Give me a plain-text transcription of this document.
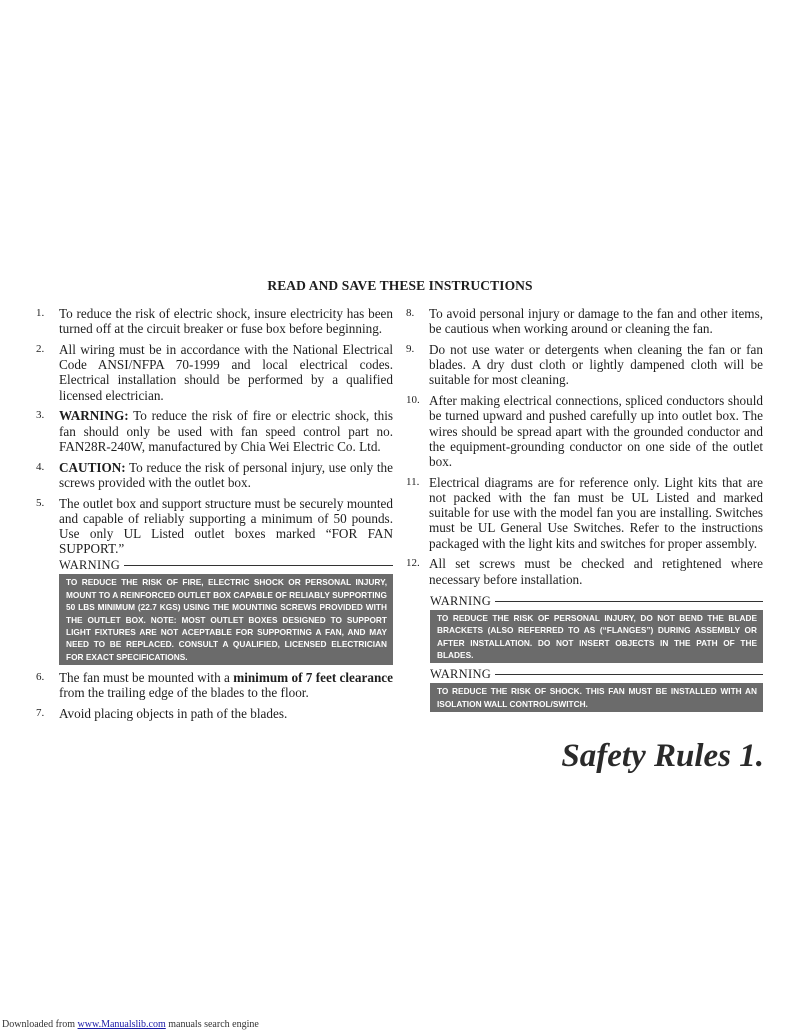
READ AND SAVE THESE INSTRUCTIONS
1. To reduce the risk of electric shock, insure electricity has been turned off at the circuit breaker or fuse box before beginning.
2. All wiring must be in accordance with the National Electrical Code ANSI/NFPA 70-1999 and local electrical codes. Electrical installation should be performed by a qualified licensed electrician.
3. WARNING: To reduce the risk of fire or electric shock, this fan should only be used with fan speed control part no. FAN28R-240W, manufactured by Chia Wei Electric Co. Ltd.
4. CAUTION: To reduce the risk of personal injury, use only the screws provided with the outlet box.
5. The outlet box and support structure must be securely mounted and capable of reliably supporting a minimum of 50 pounds. Use only UL Listed outlet boxes marked “FOR FAN SUPPORT.”
WARNING
TO REDUCE THE RISK OF FIRE, ELECTRIC SHOCK OR PERSONAL INJURY, MOUNT TO A REINFORCED OUTLET BOX CAPABLE OF RELIABLY SUPPORTING 50 LBS MINIMUM (22.7 KGS) USING THE MOUNTING SCREWS PROVIDED WITH THE OUTLET BOX. NOTE: MOST OUTLET BOXES DESIGNED TO SUPPORT LIGHT FIXTURES ARE NOT ACEPTABLE FOR SUPPORTING A FAN, AND MAY NEED TO BE REPLACED. CONSULT A QUALIFIED, LICENSED ELECTRICIAN FOR EXACT SPECIFICATIONS.
6. The fan must be mounted with a minimum of 7 feet clearance from the trailing edge of the blades to the floor.
7. Avoid placing objects in path of the blades.
8. To avoid personal injury or damage to the fan and other items, be cautious when working around or cleaning the fan.
9. Do not use water or detergents when cleaning the fan or fan blades. A dry dust cloth or lightly dampened cloth will be suitable for most cleaning.
10. After making electrical connections, spliced conductors should be turned upward and pushed carefully up into outlet box. The wires should be spread apart with the grounded conductor and the equipment-grounding conductor on one side of the outlet box.
11. Electrical diagrams are for reference only. Light kits that are not packed with the fan must be UL Listed and marked suitable for use with the model fan you are installing. Switches must be UL General Use Switches. Refer to the instructions packaged with the light kits and switches for proper assembly.
12. All set screws must be checked and retightened where necessary before installation.
WARNING
TO REDUCE THE RISK OF PERSONAL INJURY, DO NOT BEND THE BLADE BRACKETS (ALSO REFERRED TO AS (“FLANGES”) DURING ASSEMBLY OR AFTER INSTALLATION. DO NOT INSERT OBJECTS IN THE PATH OF THE BLADES.
WARNING
TO REDUCE THE RISK OF SHOCK. THIS FAN MUST BE INSTALLED WITH AN ISOLATION WALL CONTROL/SWITCH.
Safety Rules 1.
Downloaded from www.Manualslib.com manuals search engine
